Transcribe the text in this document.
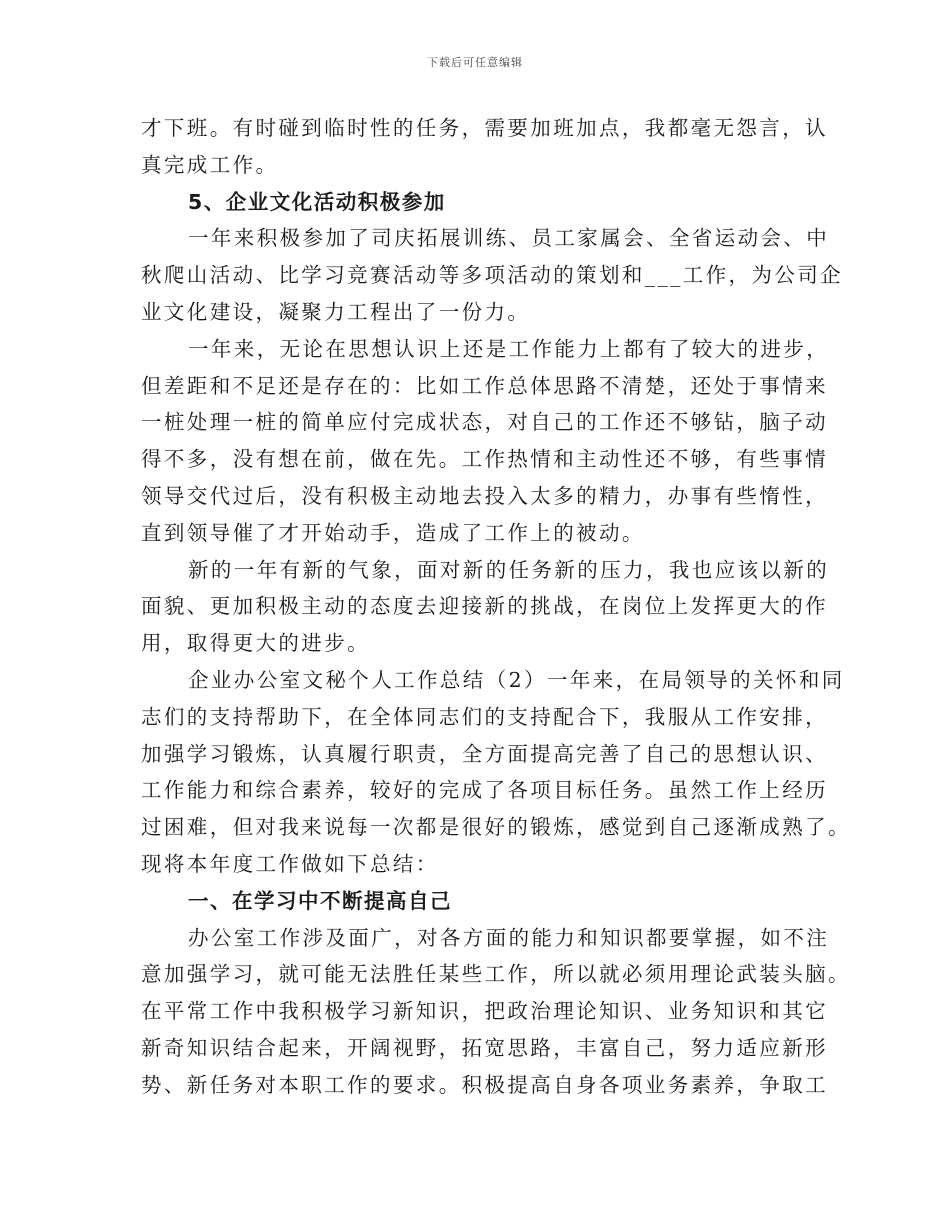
下载后可任意编辑
才下班。有时碰到临时性的任务，需要加班加点，我都毫无怨言，认
真完成工作。
5、企业文化活动积极参加
一年来积极参加了司庆拓展训练、员工家属会、全省运动会、中
秋爬山活动、比学习竞赛活动等多项活动的策划和___工作，为公司企
业文化建设，凝聚力工程出了一份力。
一年来，无论在思想认识上还是工作能力上都有了较大的进步，
但差距和不足还是存在的：比如工作总体思路不清楚，还处于事情来
一桩处理一桩的简单应付完成状态，对自己的工作还不够钻，脑子动
得不多，没有想在前，做在先。工作热情和主动性还不够，有些事情
领导交代过后，没有积极主动地去投入太多的精力，办事有些惰性，
直到领导催了才开始动手，造成了工作上的被动。
新的一年有新的气象，面对新的任务新的压力，我也应该以新的
面貌、更加积极主动的态度去迎接新的挑战，在岗位上发挥更大的作
用，取得更大的进步。
企业办公室文秘个人工作总结（2）一年来，在局领导的关怀和同
志们的支持帮助下，在全体同志们的支持配合下，我服从工作安排，
加强学习锻炼，认真履行职责，全方面提高完善了自己的思想认识、
工作能力和综合素养，较好的完成了各项目标任务。虽然工作上经历
过困难，但对我来说每一次都是很好的锻炼，感觉到自己逐渐成熟了。
现将本年度工作做如下总结：
一、在学习中不断提高自己
办公室工作涉及面广，对各方面的能力和知识都要掌握，如不注
意加强学习，就可能无法胜任某些工作，所以就必须用理论武装头脑。
在平常工作中我积极学习新知识，把政治理论知识、业务知识和其它
新奇知识结合起来，开阔视野，拓宽思路，丰富自己，努力适应新形
势、新任务对本职工作的要求。积极提高自身各项业务素养，争取工
